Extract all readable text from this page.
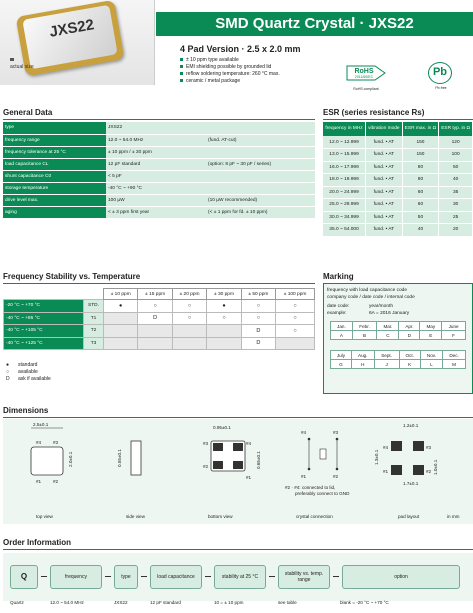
JXS22
actual size
SMD Quartz Crystal · JXS22
4 Pad Version · 2.5 x 2.0 mm
± 10 ppm type available
EMI shielding possible by grounded lid
reflow soldering temperature: 260 °C max.
ceramic / metal package
RoHS
2011/65/EC
RoHS compliant
Pb
Pb free
General Data
type	JXS22	
frequency range	12.0 ~ 54.0 MHz	(fund. AT-cut)
frequency tolerance at 25 °C	± 10 ppm / ± 30 ppm	
load capacitance CL	12 pF standard	(option: 8 pF ~ 30 pF / series)
shunt capacitance C0	< 5 pF	
storage temperature	-40 °C ~ +90 °C	
drive level max.	100 µW	(10 µW recommended)
aging	< ± 3 ppm first year	(< ± 1 ppm for fd. ± 10 ppm)
ESR (series resistance Rs)
frequency in MHz	vibration mode	ESR max. in Ω	ESR typ. in Ω
12.0 ~ 12.999	fund. • AT	150	120
13.0 ~ 15.999	fund. • AT	150	100
16.0 ~ 17.999	fund. • AT	80	50
18.0 ~ 19.999	fund. • AT	80	40
20.0 ~ 24.999	fund. • AT	60	35
25.0 ~ 29.999	fund. • AT	60	30
30.0 ~ 34.999	fund. • AT	50	25
35.0 ~ 54.000	fund. • AT	40	20
Frequency Stability vs. Temperature
		± 10 ppm	± 15 ppm	± 20 ppm	± 30 ppm	± 50 ppm	± 100 ppm
-20 °C ~ +70 °C	STD.	●	○	○	●	○	○
-40 °C ~ +85 °C	T1		D	○	○	○	○
-40 °C ~ +105 °C	T2					D	○
-40 °C ~ +125 °C	T3					D	
● standard
○ available
D ask if available
Marking
frequency with load capacitance code
company code / date code / internal code
date code:	year/month
example:	6A = 2016 January
Jan.	Febr.	Mar.	Apr.	May	June
A	B	C	D	E	F
July	Aug.	Sept.	Oct.	Nov.	Dec.
G	H	J	K	L	M
Dimensions
2.5±0.1
#4	#3
#1	#2
2.0±0.1	0.55±0.1
0.95±0.1
#3
#2
#4
#1
0.65±0.1
#4	#3
#1	#2
#2 · #4: connected to lid,
preferably connect to GND
1.2±0.1
#4	#3
#1	#2
1.3±0.1
1.7±0.1
1.0±0.1
top view	side view	bottom view	crystal connection	pad layout	in mm
Order Information
Q	frequency	type	load capacitance	stability at 25 °C	stability vs. temp. range	option
Quartz	12.0 ~ 54.0 MHz	JXS22	12 pF standard	10 = ± 10 ppm	see table	blank = -20 °C ~ +70 °C
